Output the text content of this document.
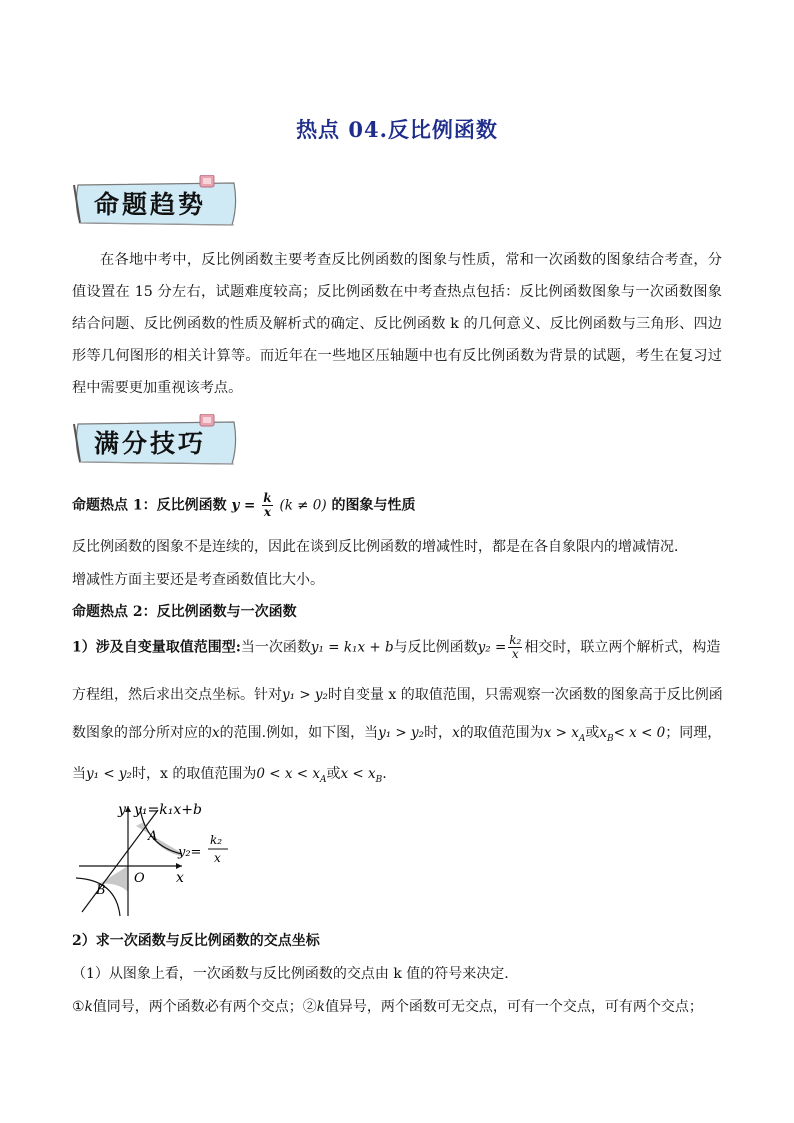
热点 04.反比例函数
命题趋势
在各地中考中，反比例函数主要考查反比例函数的图象与性质，常和一次函数的图象结合考查，分值设置在 15 分左右，试题难度较高；反比例函数在中考查热点包括：反比例函数图象与一次函数图象结合问题、反比例函数的性质及解析式的确定、反比例函数 k 的几何意义、反比例函数与三角形、四边形等几何图形的相关计算等。而近年在一些地区压轴题中也有反比例函数为背景的试题，考生在复习过程中需要更加重视该考点。
满分技巧
命题热点 1：反比例函数 $y = \frac{k}{x} (k \ne 0)$ 的图象与性质
反比例函数的图象不是连续的，因此在谈到反比例函数的增减性时，都是在各自象限内的增减情况．
增减性方面主要还是考查函数值比大小。
命题热点 2：反比例函数与一次函数
1）涉及自变量取值范围型:当一次函数y₁ = k₁x + b与反比例函数$y_2 = \frac{\text{k₂}}{x}$ 相交时，联立两个解析式，构造
方程组，然后求出交点坐标。针对y₁ > y₂时自变量 x 的取值范围，只需观察一次函数的图象高于反比例函
数图象的部分所对应的x的范围.例如，如下图，当y₁ > y₂时，x的取值范围为$x > x_A$或$x_B< x < 0$；同理，
当y₁ < y₂时，x 的取值范围为$0 < x < x_A$或$x < x_B$.
y y₁=k₁x+b
A
B
O x
y₂=
k₂
x
2）求一次函数与反比例函数的交点坐标
（1）从图象上看，一次函数与反比例函数的交点由 k 值的符号来决定.
①k值同号，两个函数必有两个交点；②k值异号，两个函数可无交点，可有一个交点，可有两个交点；
